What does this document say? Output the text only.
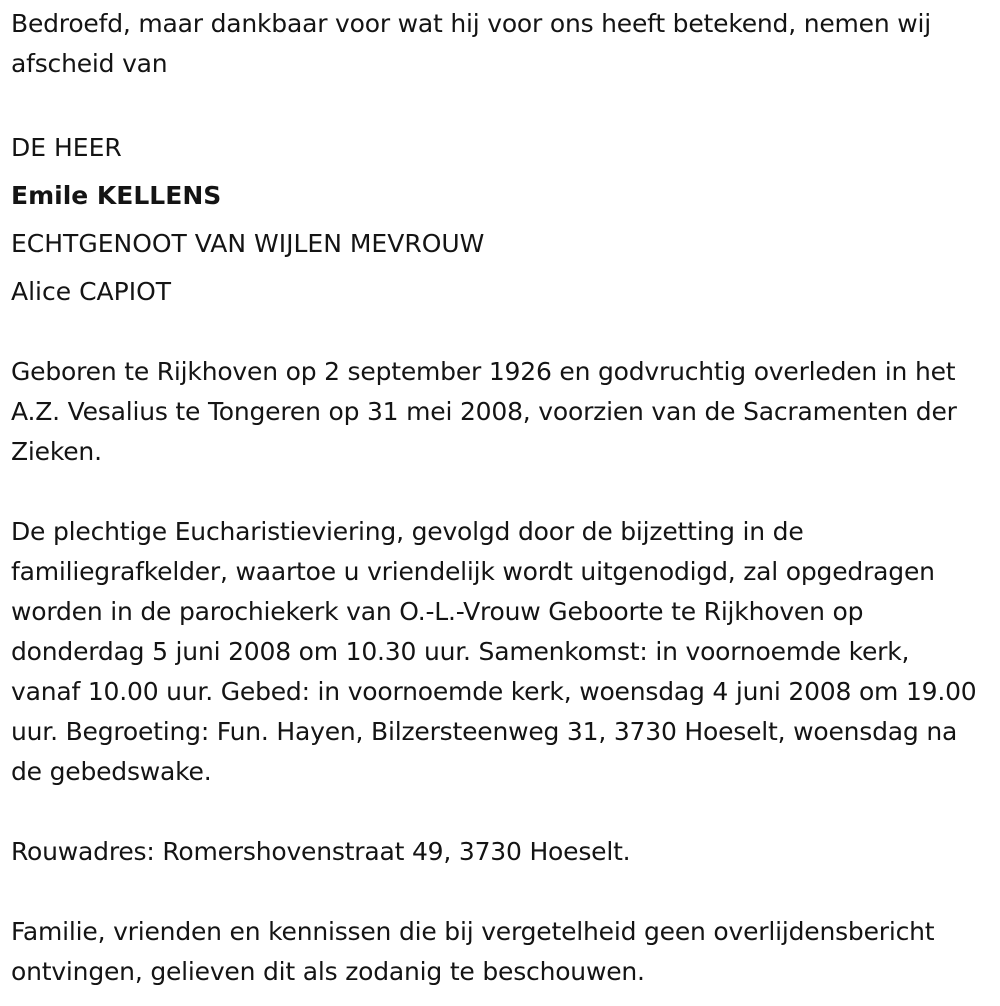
Bedroefd, maar dankbaar voor wat hij voor ons heeft betekend, nemen wij afscheid van

DE HEER
Emile KELLENS
ECHTGENOOT VAN WIJLEN MEVROUW
Alice CAPIOT

Geboren te Rijkhoven op 2 september 1926 en godvruchtig overleden in het A.Z. Vesalius te Tongeren op 31 mei 2008, voorzien van de Sacramenten der Zieken.

De plechtige Eucharistieviering, gevolgd door de bijzetting in de familiegrafkelder, waartoe u vriendelijk wordt uitgenodigd, zal opgedragen worden in de parochiekerk van O.-L.-Vrouw Geboorte te Rijkhoven op donderdag 5 juni 2008 om 10.30 uur. Samenkomst: in voornoemde kerk, vanaf 10.00 uur. Gebed: in voornoemde kerk, woensdag 4 juni 2008 om 19.00 uur. Begroeting: Fun. Hayen, Bilzersteenweg 31, 3730 Hoeselt, woensdag na de gebedswake.

Rouwadres: Romershovenstraat 49, 3730 Hoeselt.

Familie, vrienden en kennissen die bij vergetelheid geen overlijdensbericht ontvingen, gelieven dit als zodanig te beschouwen.
